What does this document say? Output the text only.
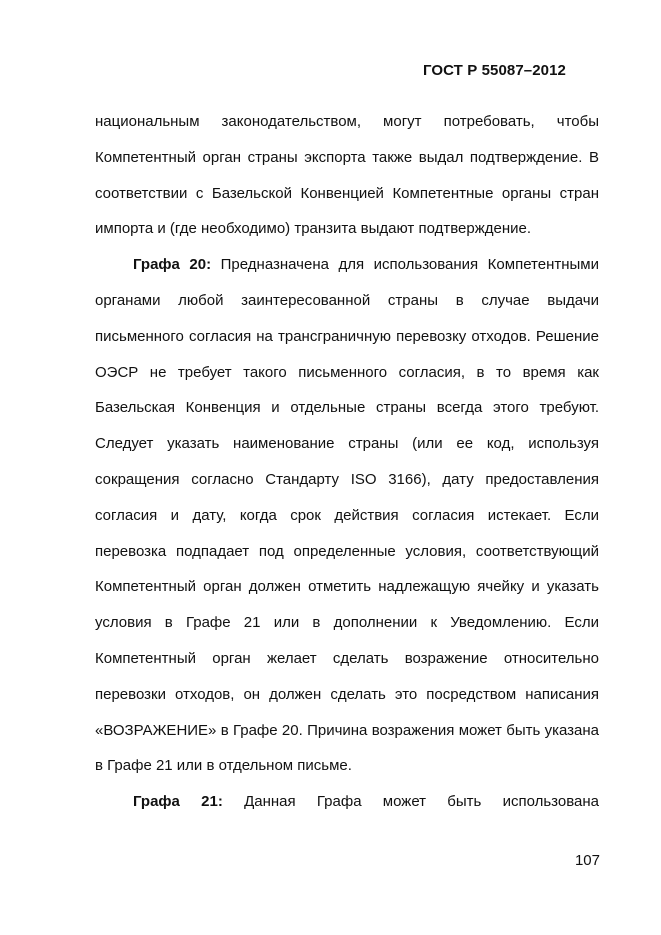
ГОСТ Р 55087–2012

национальным законодательством, могут потребовать, чтобы Компетентный орган страны экспорта также выдал подтверждение. В соответствии с Базельской Конвенцией Компетентные органы стран импорта и (где необходимо) транзита выдают подтверждение.

Графа 20: Предназначена для использования Компетентными органами любой заинтересованной страны в случае выдачи письменного согласия на трансграничную перевозку отходов. Решение ОЭСР не требует такого письменного согласия, в то время как Базельская Конвенция и отдельные страны всегда этого требуют. Следует указать наименование страны (или ее код, используя сокращения согласно Стандарту ISO 3166), дату предоставления согласия и дату, когда срок действия согласия истекает. Если перевозка подпадает под определенные условия, соответствующий Компетентный орган должен отметить надлежащую ячейку и указать условия в Графе 21 или в дополнении к Уведомлению. Если Компетентный орган желает сделать возражение относительно перевозки отходов, он должен сделать это посредством написания «ВОЗРАЖЕНИЕ» в Графе 20. Причина возражения может быть указана в Графе 21 или в отдельном письме.

Графа 21: Данная Графа может быть использована

107
